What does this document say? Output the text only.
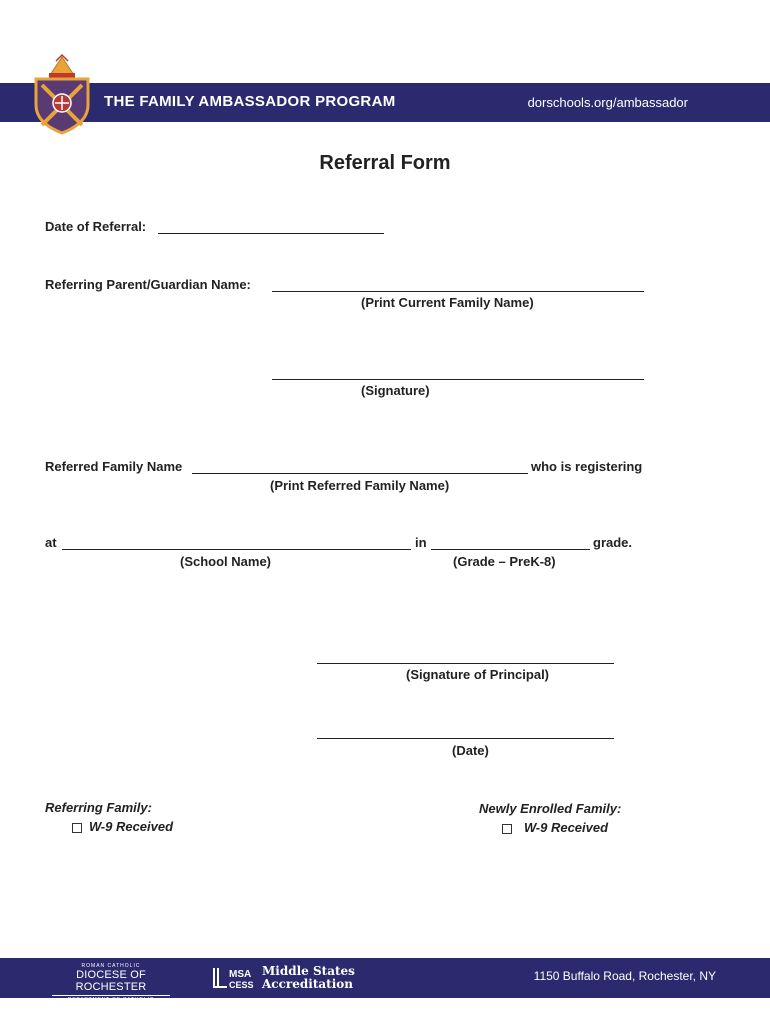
THE FAMILY AMBASSADOR PROGRAM	dorschools.org/ambassador
Referral Form
Date of Referral:
Referring Parent/Guardian Name:
(Print Current Family Name)
(Signature)
Referred Family Name	who is registering
(Print Referred Family Name)
at	in	grade.
(School Name)	(Grade – PreK-8)
(Signature of Principal)
(Date)
Referring Family:
W-9 Received
Newly Enrolled Family:
W-9 Received
ROMAN CATHOLIC
DIOCESE OF ROCHESTER
DEPARTMENT OF CATHOLIC SCHOOLS
MSA
CESS
Middle States
Accreditation
1150 Buffalo Road, Rochester, NY
